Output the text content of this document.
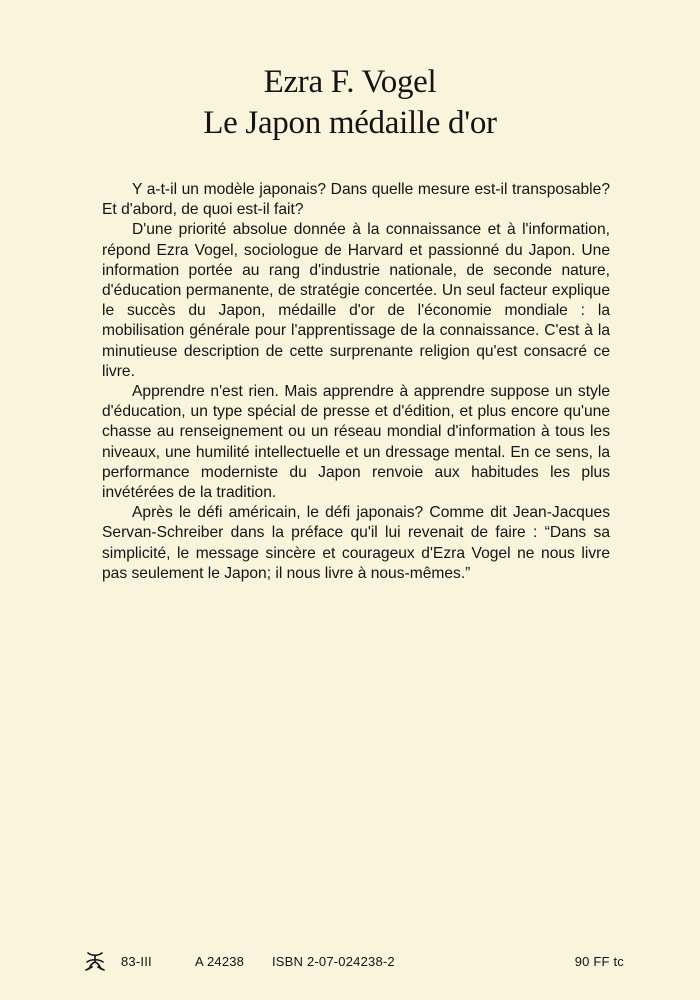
Ezra F. Vogel
Le Japon médaille d'or

Y a-t-il un modèle japonais? Dans quelle mesure est-il transposable? Et d'abord, de quoi est-il fait?

D'une priorité absolue donnée à la connaissance et à l'information, répond Ezra Vogel, sociologue de Harvard et passionné du Japon. Une information portée au rang d'industrie nationale, de seconde nature, d'éducation permanente, de stratégie concertée. Un seul facteur explique le succès du Japon, médaille d'or de l'économie mondiale : la mobilisation générale pour l'apprentissage de la connaissance. C'est à la minutieuse description de cette surprenante religion qu'est consacré ce livre.

Apprendre n'est rien. Mais apprendre à apprendre suppose un style d'éducation, un type spécial de presse et d'édition, et plus encore qu'une chasse au renseignement ou un réseau mondial d'information à tous les niveaux, une humilité intellectuelle et un dressage mental. En ce sens, la performance moderniste du Japon renvoie aux habitudes les plus invétérées de la tradition.

Après le défi américain, le défi japonais? Comme dit Jean-Jacques Servan-Schreiber dans la préface qu'il lui revenait de faire : “Dans sa simplicité, le message sincère et courageux d'Ezra Vogel ne nous livre pas seulement le Japon; il nous livre à nous-mêmes.”

83-III	A 24238 ISBN 2-07-024238-2	90 FF tc
